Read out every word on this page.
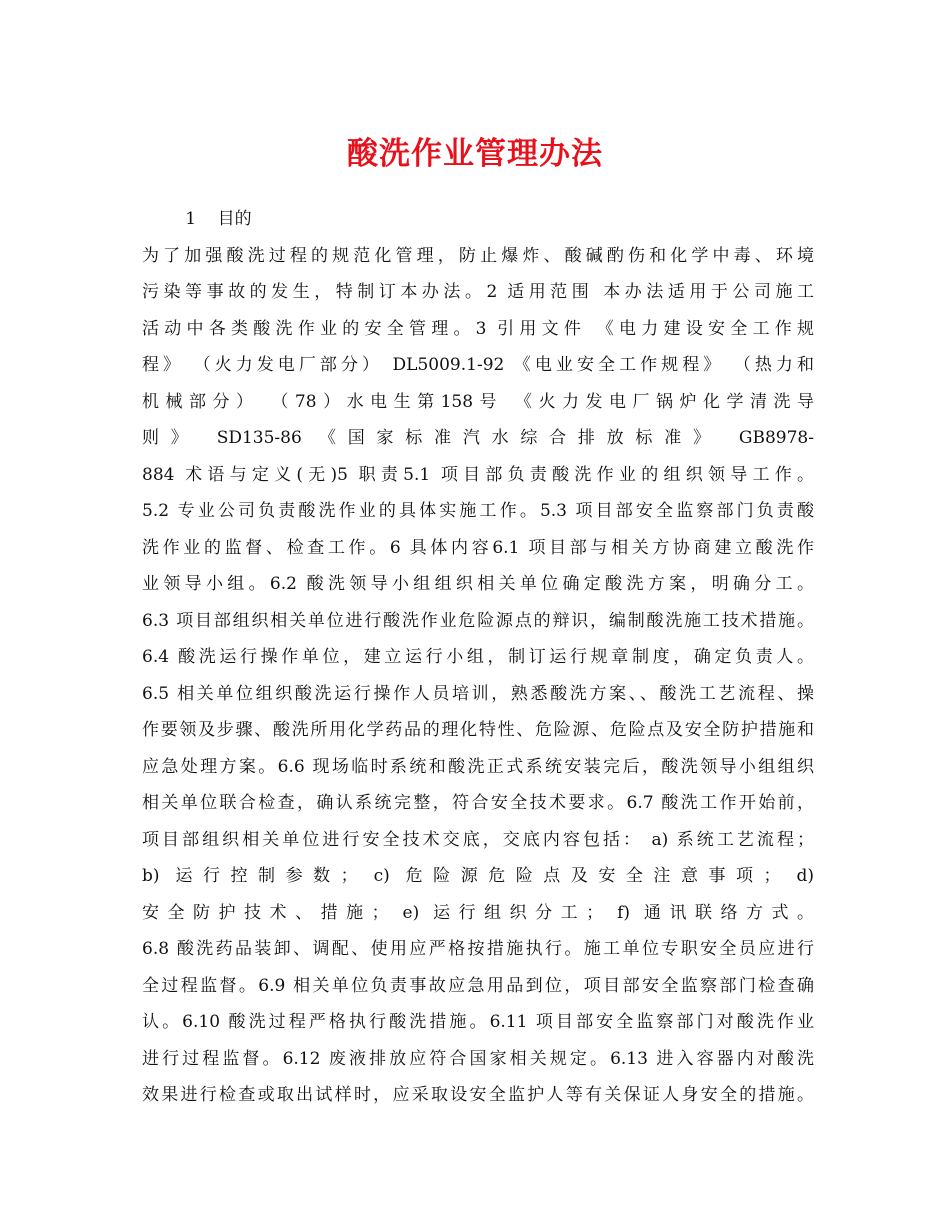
酸洗作业管理办法
1    目的
为了加强酸洗过程的规范化管理，防止爆炸、酸碱酌伤和化学中毒、环境
污染等事故的发生，特制订本办法。2 适用范围 本办法适用于公司施工
活动中各类酸洗作业的安全管理。3 引用文件 《电力建设安全工作规
程》 （火力发电厂部分） DL5009.1-92 《电业安全工作规程》 （热力和
机械部分） （78）水电生第158号 《火力发电厂锅炉化学清洗导
则》 SD135-86 《国家标准汽水综合排放标准》 GB8978-
884 术语与定义(无)5 职责5.1 项目部负责酸洗作业的组织领导工作。
5.2 专业公司负责酸洗作业的具体实施工作。5.3 项目部安全监察部门负责酸
洗作业的监督、检查工作。6 具体内容6.1 项目部与相关方协商建立酸洗作
业领导小组。6.2 酸洗领导小组组织相关单位确定酸洗方案，明确分工。
6.3 项目部组织相关单位进行酸洗作业危险源点的辩识，编制酸洗施工技术措施。
6.4 酸洗运行操作单位，建立运行小组，制订运行规章制度，确定负责人。
6.5 相关单位组织酸洗运行操作人员培训，熟悉酸洗方案、、酸洗工艺流程、操
作要领及步骤、酸洗所用化学药品的理化特性、危险源、危险点及安全防护措施和
应急处理方案。6.6 现场临时系统和酸洗正式系统安装完后，酸洗领导小组组织
相关单位联合检查，确认系统完整，符合安全技术要求。6.7 酸洗工作开始前，
项目部组织相关单位进行安全技术交底，交底内容包括： a) 系统工艺流程；
b) 运行控制参数； c) 危险源危险点及安全注意事项； d)
安全防护技术、措施； e) 运行组织分工； f) 通讯联络方式。
6.8 酸洗药品装卸、调配、使用应严格按措施执行。施工单位专职安全员应进行
全过程监督。6.9 相关单位负责事故应急用品到位，项目部安全监察部门检查确
认。6.10 酸洗过程严格执行酸洗措施。6.11 项目部安全监察部门对酸洗作业
进行过程监督。6.12 废液排放应符合国家相关规定。6.13 进入容器内对酸洗
效果进行检查或取出试样时，应采取设安全监护人等有关保证人身安全的措施。
